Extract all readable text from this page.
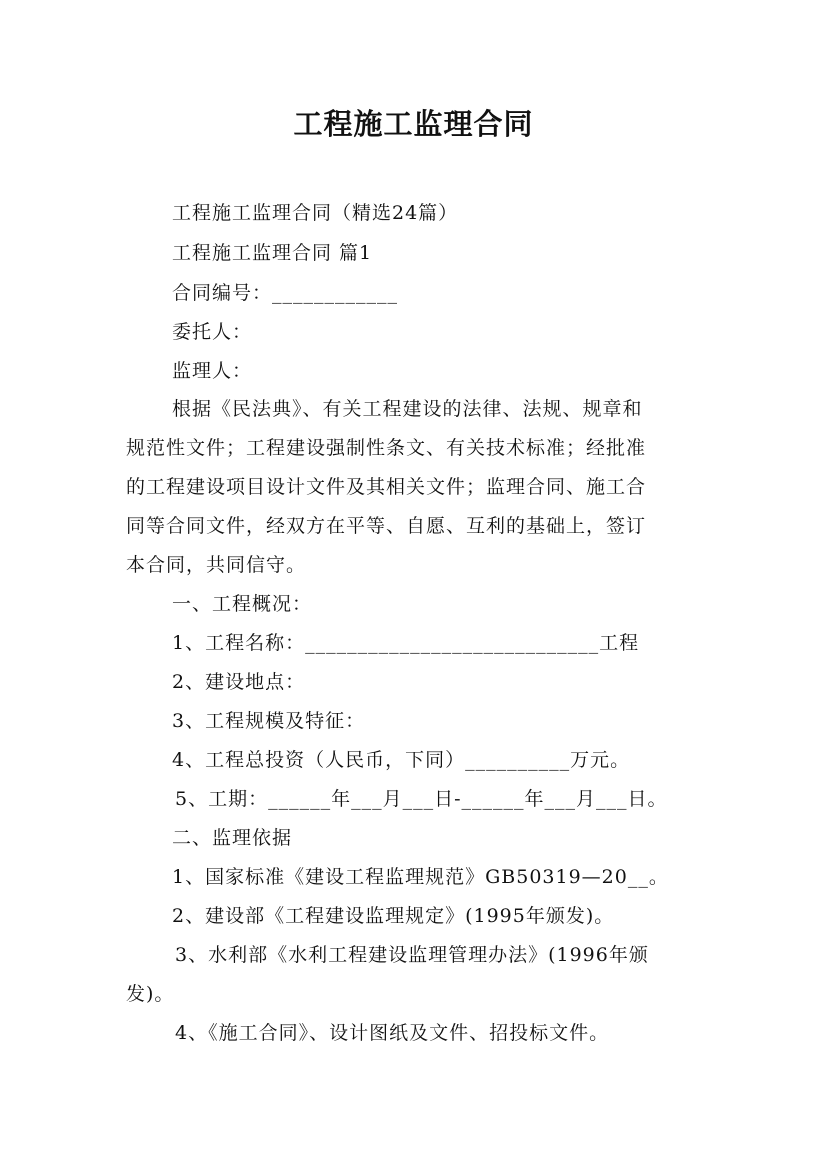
工程施工监理合同
工程施工监理合同（精选24篇）
工程施工监理合同 篇1
合同编号：____________
委托人：
监理人：
根据《民法典》、有关工程建设的法律、法规、规章和
规范性文件；工程建设强制性条文、有关技术标准；经批准
的工程建设项目设计文件及其相关文件；监理合同、施工合
同等合同文件，经双方在平等、自愿、互利的基础上，签订
本合同，共同信守。
一、工程概况：
1、工程名称：____________________________工程
2、建设地点：
3、工程规模及特征：
4、工程总投资（人民币，下同）__________万元。
5、工期：______年___月___日-______年___月___日。
二、监理依据
1、国家标准《建设工程监理规范》GB50319—20__。
2、建设部《工程建设监理规定》(1995年颁发)。
3、水利部《水利工程建设监理管理办法》(1996年颁
发)。
4、《施工合同》、设计图纸及文件、招投标文件。
